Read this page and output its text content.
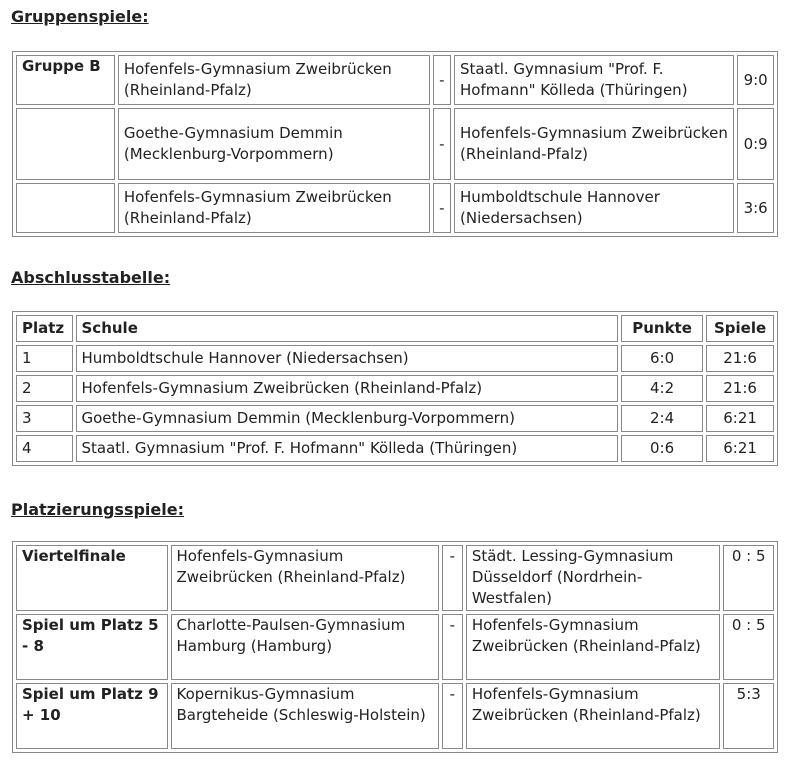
Gruppenspiele:
Gruppe B	Hofenfels-Gymnasium Zweibrücken (Rheinland-Pfalz)	-	Staatl. Gymnasium "Prof. F. Hofmann" Kölleda (Thüringen)	9:0
	Goethe-Gymnasium Demmin (Mecklenburg-Vorpommern)	-	Hofenfels-Gymnasium Zweibrücken (Rheinland-Pfalz)	0:9
	Hofenfels-Gymnasium Zweibrücken (Rheinland-Pfalz)	-	Humboldtschule Hannover (Niedersachsen)	3:6
Abschlusstabelle:
Platz	Schule	Punkte	Spiele
1	Humboldtschule Hannover (Niedersachsen)	6:0	21:6
2	Hofenfels-Gymnasium Zweibrücken (Rheinland-Pfalz)	4:2	21:6
3	Goethe-Gymnasium Demmin (Mecklenburg-Vorpommern)	2:4	6:21
4	Staatl. Gymnasium "Prof. F. Hofmann" Kölleda (Thüringen)	0:6	6:21
Platzierungsspiele:
Viertelfinale	Hofenfels-Gymnasium Zweibrücken (Rheinland-Pfalz)	-	Städt. Lessing-Gymnasium Düsseldorf (Nordrhein-Westfalen)	0 : 5
Spiel um Platz 5 - 8	Charlotte-Paulsen-Gymnasium Hamburg (Hamburg)	-	Hofenfels-Gymnasium Zweibrücken (Rheinland-Pfalz)	0 : 5
Spiel um Platz 9 + 10	Kopernikus-Gymnasium Bargteheide (Schleswig-Holstein)	-	Hofenfels-Gymnasium Zweibrücken (Rheinland-Pfalz)	5:3
